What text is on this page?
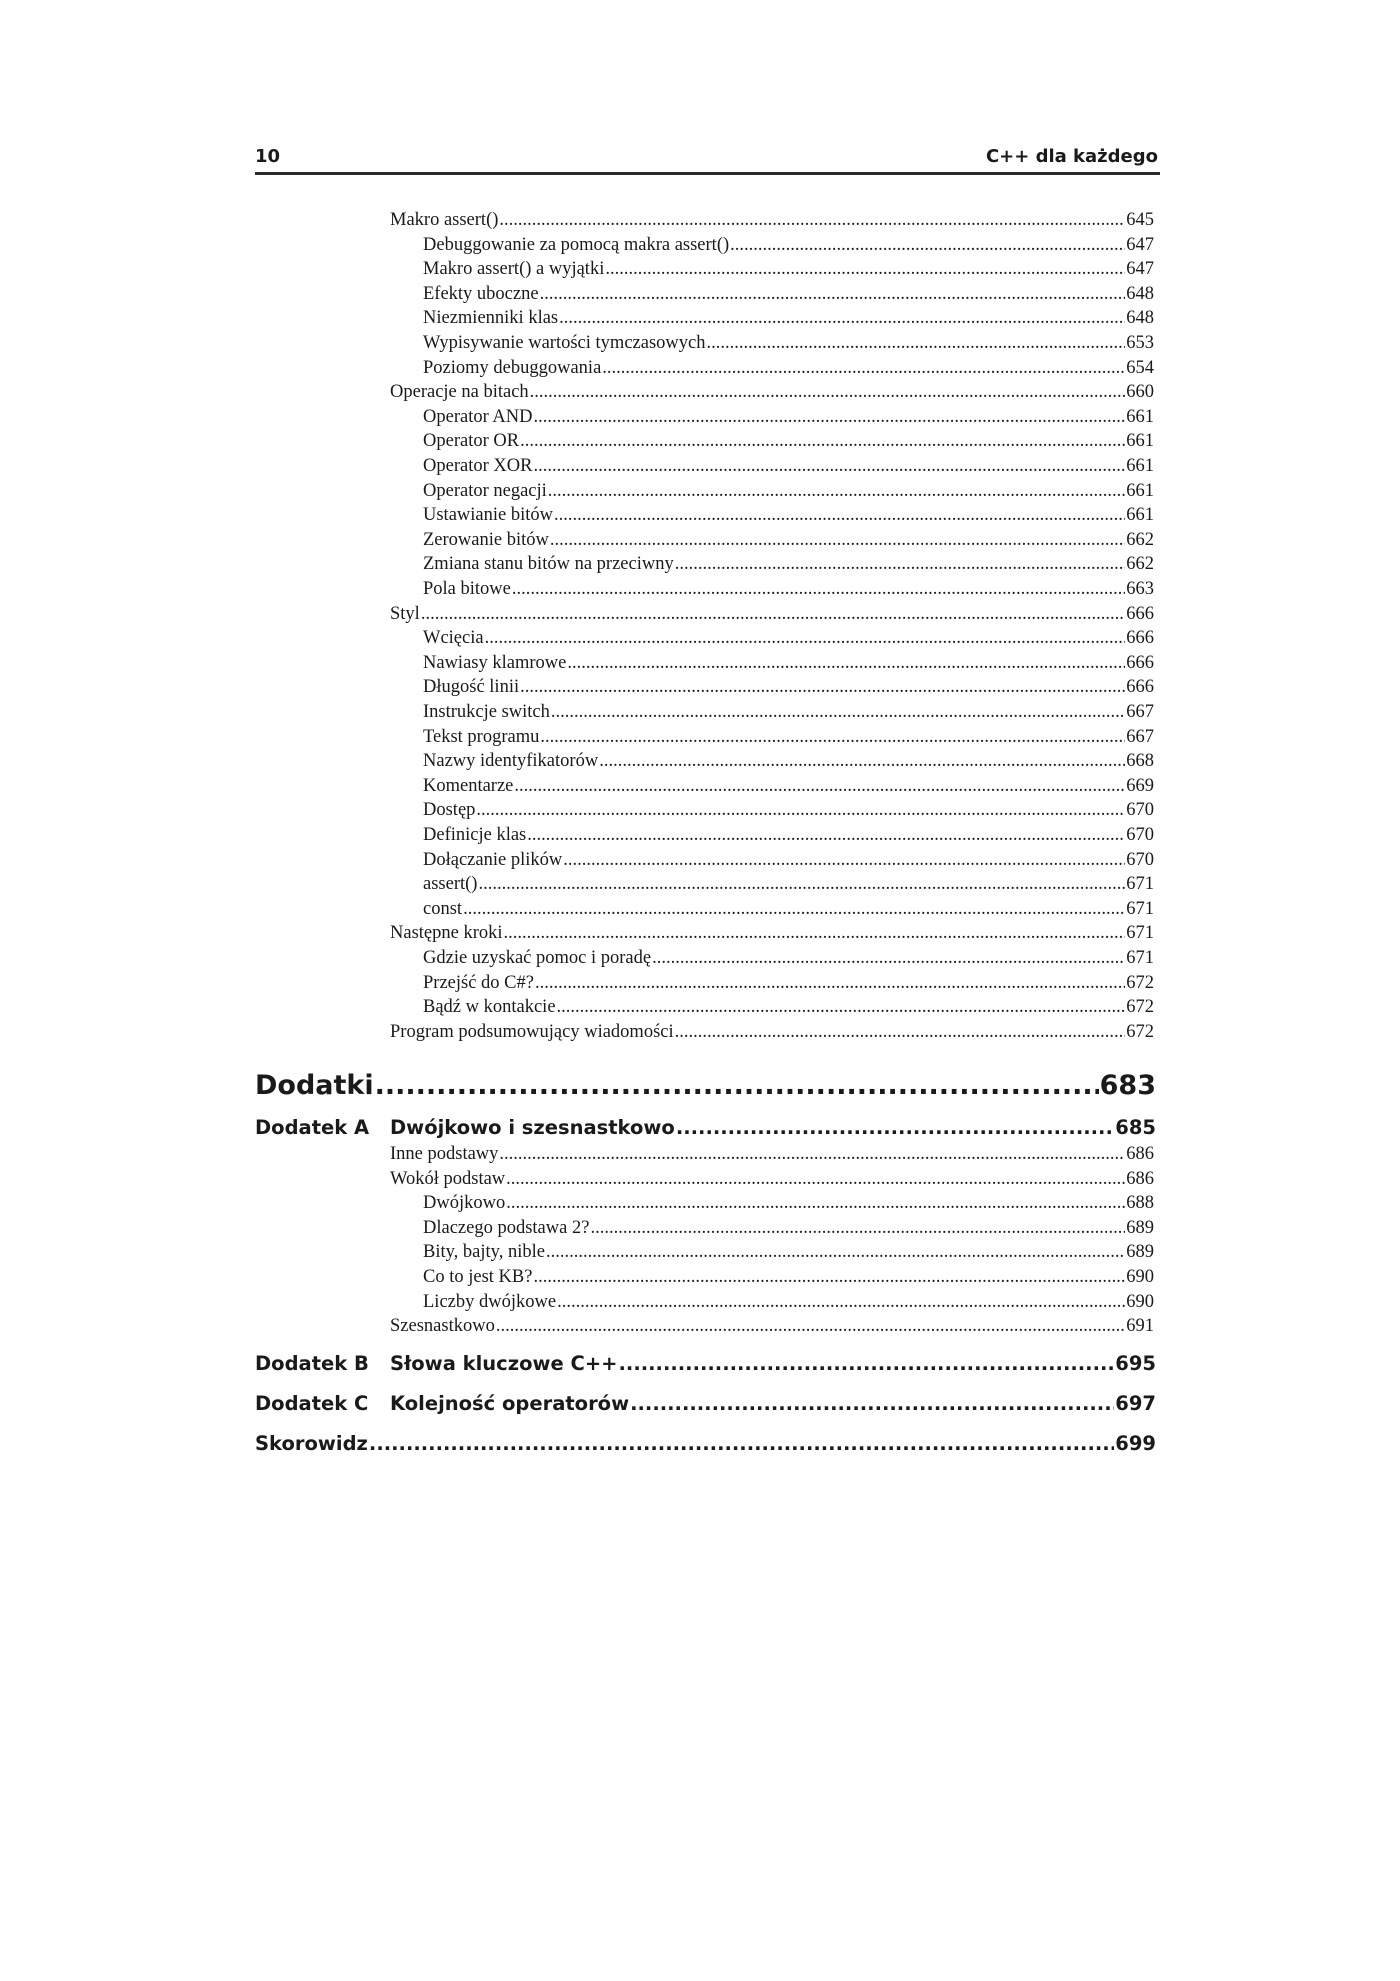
10	C++ dla każdego
Dodatki .....	683
Dodatek A	Dwójkowo i szesnastkowo .....	685
Dodatek B	Słowa kluczowe C++ .....	695
Dodatek C	Kolejność operatorów .....	697
Skorowidz .....	699
Makro assert() .....	645
Debuggowanie za pomocą makra assert() .....	647
Makro assert() a wyjątki .....	647
Efekty uboczne .....	648
Niezmienniki klas .....	648
Wypisywanie wartości tymczasowych .....	653
Poziomy debuggowania .....	654
Operacje na bitach .....	660
Operator AND .....	661
Operator OR .....	661
Operator XOR .....	661
Operator negacji .....	661
Ustawianie bitów .....	661
Zerowanie bitów .....	662
Zmiana stanu bitów na przeciwny .....	662
Pola bitowe .....	663
Styl .....	666
Wcięcia .....	666
Nawiasy klamrowe .....	666
Długość linii .....	666
Instrukcje switch .....	667
Tekst programu .....	667
Nazwy identyfikatorów .....	668
Komentarze .....	669
Dostęp .....	670
Definicje klas .....	670
Dołączanie plików .....	670
assert() .....	671
const .....	671
Następne kroki .....	671
Gdzie uzyskać pomoc i poradę .....	671
Przejść do C#? .....	672
Bądź w kontakcie .....	672
Program podsumowujący wiadomości .....	672
Inne podstawy .....	686
Wokół podstaw .....	686
Dwójkowo .....	688
Dlaczego podstawa 2? .....	689
Bity, bajty, nible .....	689
Co to jest KB? .....	690
Liczby dwójkowe .....	690
Szesnastkowo .....	691
